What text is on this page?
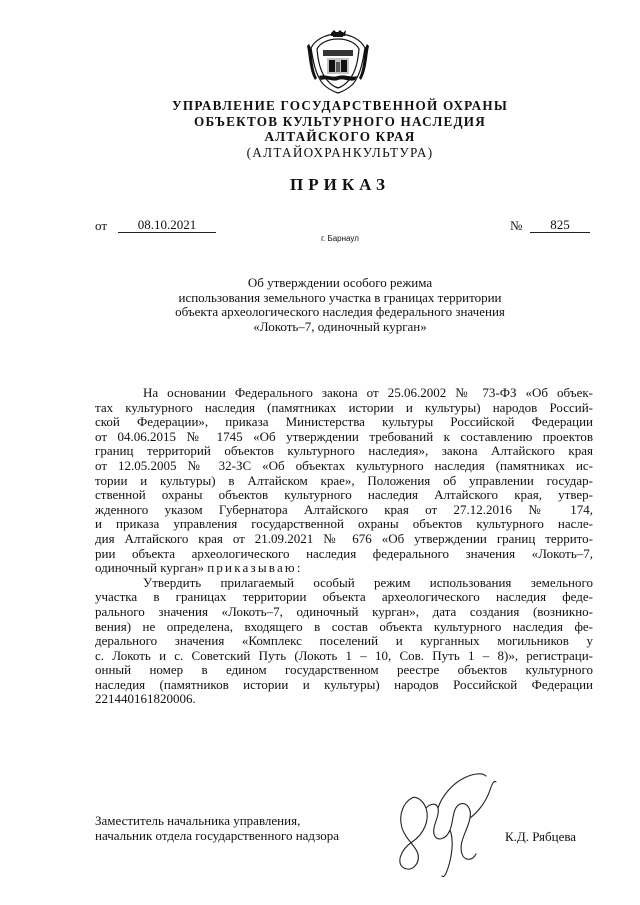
УПРАВЛЕНИЕ ГОСУДАРСТВЕННОЙ ОХРАНЫ
ОБЪЕКТОВ КУЛЬТУРНОГО НАСЛЕДИЯ
АЛТАЙСКОГО КРАЯ
(АЛТАЙОХРАНКУЛЬТУРА)
ПРИКАЗ
от	08.10.2021	№	825
г. Барнаул
Об утверждении особого режима
использования земельного участка в границах территории
объекта археологического наследия федерального значения
«Локоть–7, одиночный курган»
На основании Федерального закона от 25.06.2002 № 73-ФЗ «Об объек-
тах культурного наследия (памятниках истории и культуры) народов Россий-
ской Федерации», приказа Министерства культуры Российской Федерации
от 04.06.2015 № 1745 «Об утверждении требований к составлению проектов
границ территорий объектов культурного наследия», закона Алтайского края
от 12.05.2005 № 32-ЗС «Об объектах культурного наследия (памятниках ис-
тории и культуры) в Алтайском крае», Положения об управлении государ-
ственной охраны объектов культурного наследия Алтайского края, утвер-
жденного указом Губернатора Алтайского края от 27.12.2016 № 174,
и приказа управления государственной охраны объектов культурного насле-
дия Алтайского края от 21.09.2021 № 676 «Об утверждении границ террито-
рии объекта археологического наследия федерального значения «Локоть–7,
одиночный курган» приказываю:
Утвердить прилагаемый особый режим использования земельного
участка в границах территории объекта археологического наследия феде-
рального значения «Локоть–7, одиночный курган», дата создания (возникно-
вения) не определена, входящего в состав объекта культурного наследия фе-
дерального значения «Комплекс поселений и курганных могильников у
с. Локоть и с. Советский Путь (Локоть 1 – 10, Сов. Путь 1 – 8)», регистраци-
онный номер в едином государственном реестре объектов культурного
наследия (памятников истории и культуры) народов Российской Федерации
221440161820006.
Заместитель начальника управления,
начальник отдела государственного надзора	К.Д. Рябцева
